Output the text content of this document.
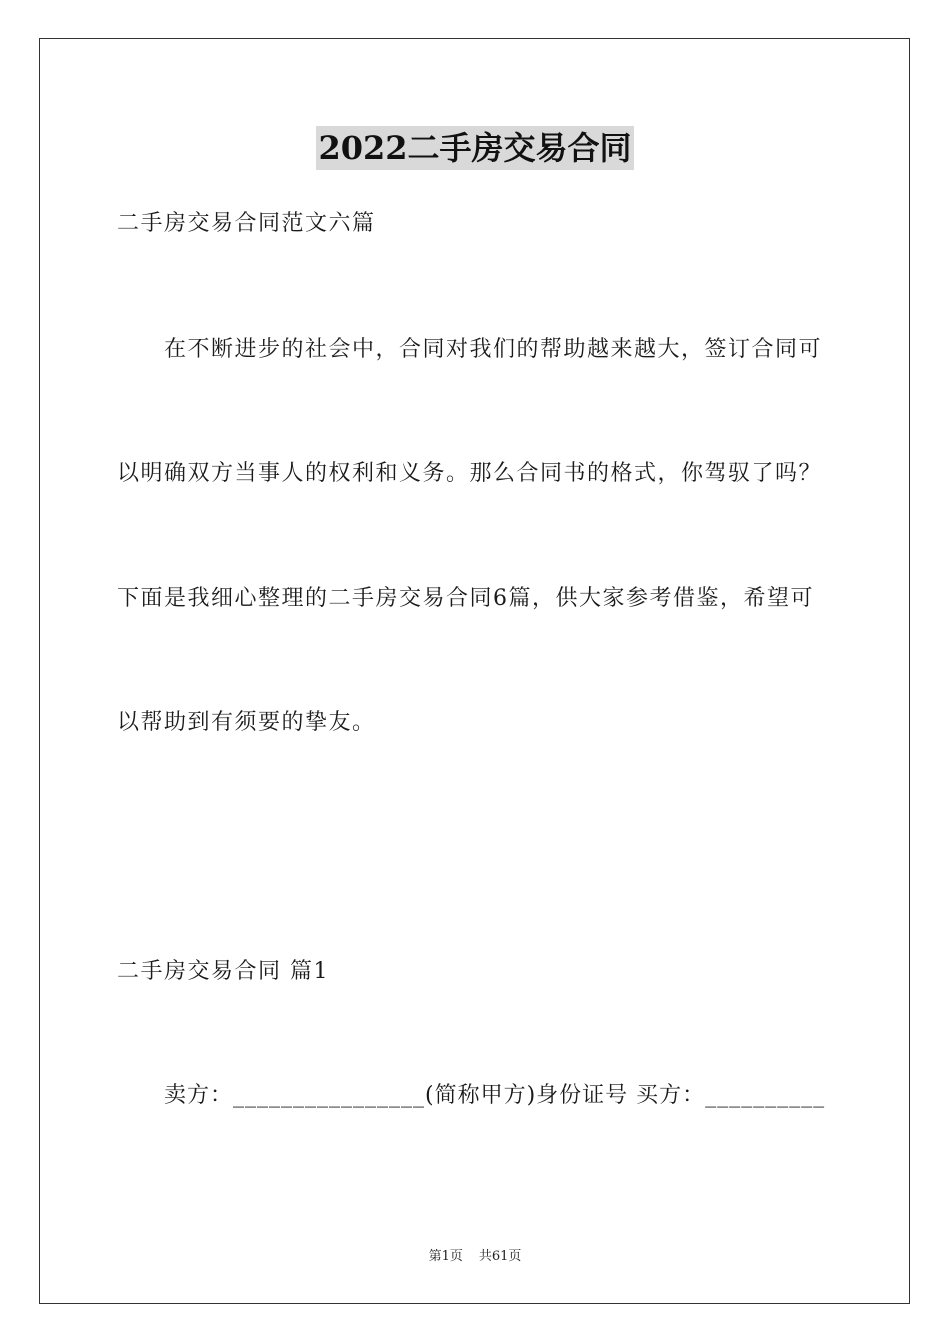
2022二手房交易合同
二手房交易合同范文六篇
在不断进步的社会中，合同对我们的帮助越来越大，签订合同可
以明确双方当事人的权利和义务。那么合同书的格式，你驾驭了吗？
下面是我细心整理的二手房交易合同6篇，供大家参考借鉴，希望可
以帮助到有须要的挚友。
二手房交易合同 篇1
卖方：________________(简称甲方)身份证号 买方：__________
第1页 共61页
